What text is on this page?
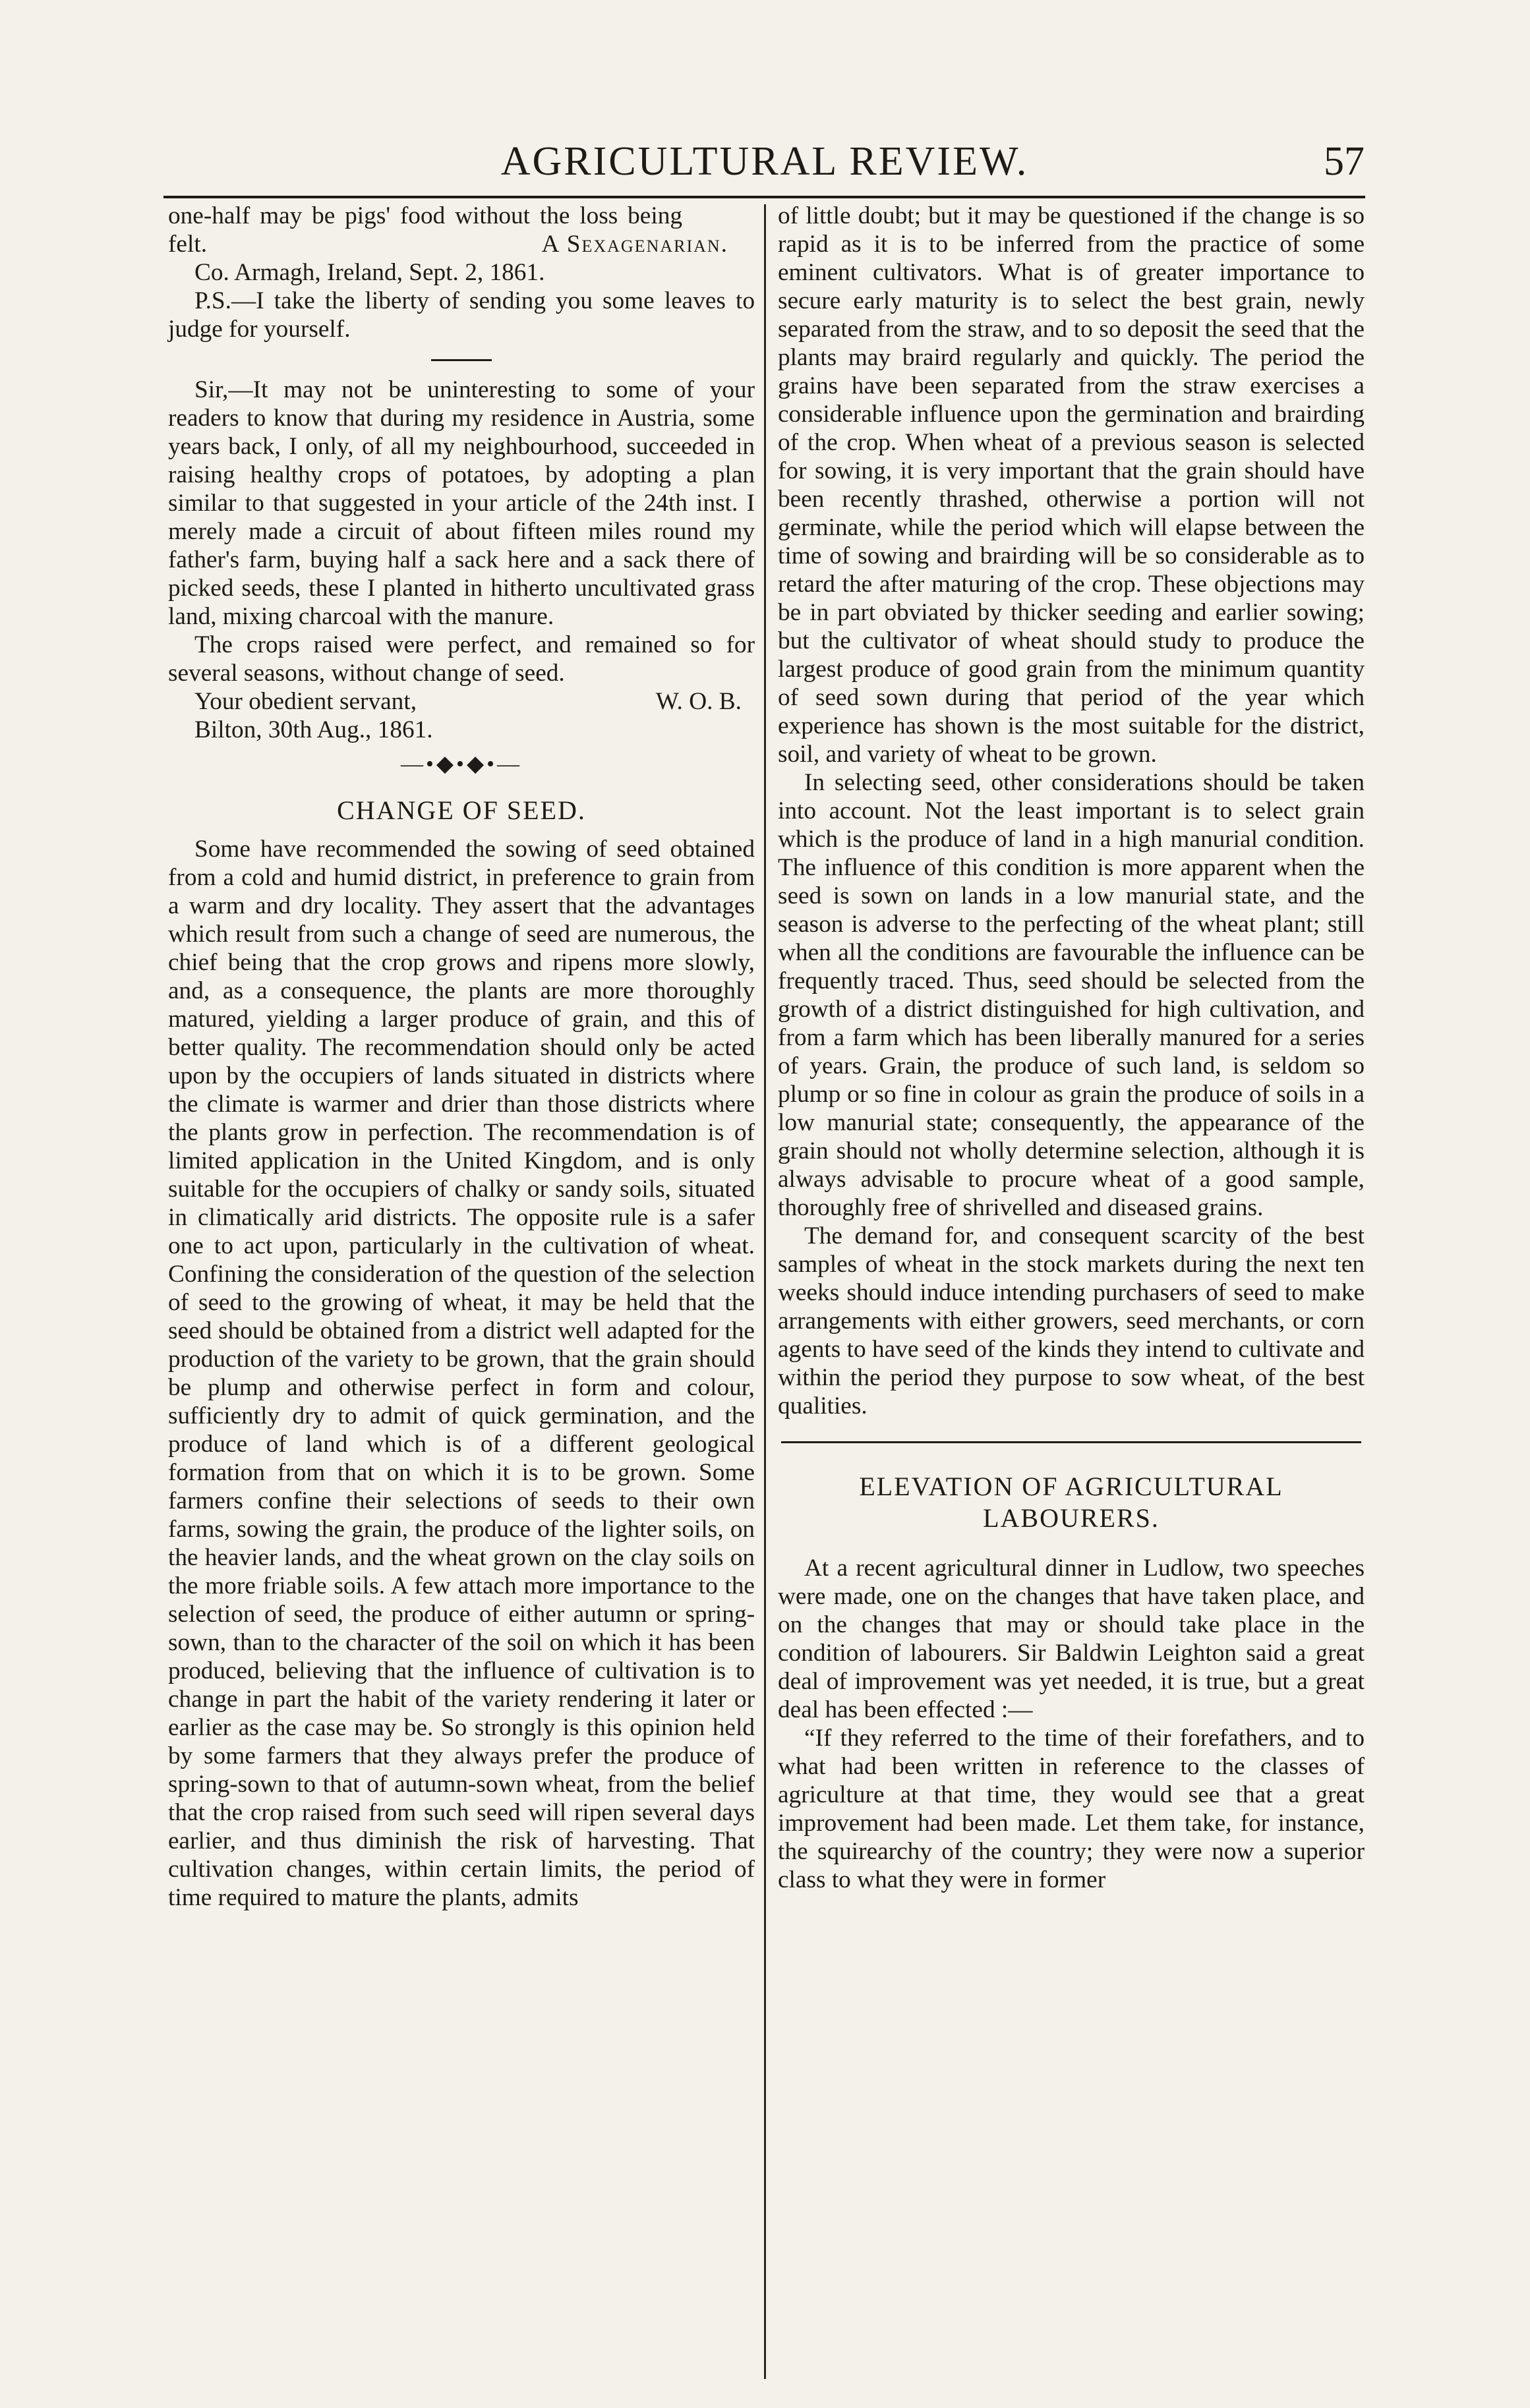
AGRICULTURAL REVIEW.	57

one-half may be pigs' food without the loss being felt.	A Sexagenarian.

Co. Armagh, Ireland, Sept. 2, 1861.

P.S.—I take the liberty of sending you some leaves to judge for yourself.

Sir,—It may not be uninteresting to some of your readers to know that during my residence in Austria, some years back, I only, of all my neighbourhood, succeeded in raising healthy crops of potatoes, by adopting a plan similar to that suggested in your article of the 24th inst. I merely made a circuit of about fifteen miles round my father's farm, buying half a sack here and a sack there of picked seeds, these I planted in hitherto uncultivated grass land, mixing charcoal with the manure.

The crops raised were perfect, and remained so for several seasons, without change of seed.

Your obedient servant,	W. O. B.

Bilton, 30th Aug., 1861.

—•◆•◆•—
CHANGE OF SEED.

Some have recommended the sowing of seed obtained from a cold and humid district, in preference to grain from a warm and dry locality. They assert that the advantages which result from such a change of seed are numerous, the chief being that the crop grows and ripens more slowly, and, as a consequence, the plants are more thoroughly matured, yielding a larger produce of grain, and this of better quality. The recommendation should only be acted upon by the occupiers of lands situated in districts where the climate is warmer and drier than those districts where the plants grow in perfection. The recommendation is of limited application in the United Kingdom, and is only suitable for the occupiers of chalky or sandy soils, situated in climatically arid districts. The opposite rule is a safer one to act upon, particularly in the cultivation of wheat. Confining the consideration of the question of the selection of seed to the growing of wheat, it may be held that the seed should be obtained from a district well adapted for the production of the variety to be grown, that the grain should be plump and otherwise perfect in form and colour, sufficiently dry to admit of quick germination, and the produce of land which is of a different geological formation from that on which it is to be grown. Some farmers confine their selections of seeds to their own farms, sowing the grain, the produce of the lighter soils, on the heavier lands, and the wheat grown on the clay soils on the more friable soils. A few attach more importance to the selection of seed, the produce of either autumn or spring-sown, than to the character of the soil on which it has been produced, believing that the influence of cultivation is to change in part the habit of the variety rendering it later or earlier as the case may be. So strongly is this opinion held by some farmers that they always prefer the produce of spring-sown to that of autumn-sown wheat, from the belief that the crop raised from such seed will ripen several days earlier, and thus diminish the risk of harvesting. That cultivation changes, within certain limits, the period of time required to mature the plants, admits

of little doubt; but it may be questioned if the change is so rapid as it is to be inferred from the practice of some eminent cultivators. What is of greater importance to secure early maturity is to select the best grain, newly separated from the straw, and to so deposit the seed that the plants may braird regularly and quickly. The period the grains have been separated from the straw exercises a considerable influence upon the germination and brairding of the crop. When wheat of a previous season is selected for sowing, it is very important that the grain should have been recently thrashed, otherwise a portion will not germinate, while the period which will elapse between the time of sowing and brairding will be so considerable as to retard the after maturing of the crop. These objections may be in part obviated by thicker seeding and earlier sowing; but the cultivator of wheat should study to produce the largest produce of good grain from the minimum quantity of seed sown during that period of the year which experience has shown is the most suitable for the district, soil, and variety of wheat to be grown.

In selecting seed, other considerations should be taken into account. Not the least important is to select grain which is the produce of land in a high manurial condition. The influence of this condition is more apparent when the seed is sown on lands in a low manurial state, and the season is adverse to the perfecting of the wheat plant; still when all the conditions are favourable the influence can be frequently traced. Thus, seed should be selected from the growth of a district distinguished for high cultivation, and from a farm which has been liberally manured for a series of years. Grain, the produce of such land, is seldom so plump or so fine in colour as grain the produce of soils in a low manurial state; consequently, the appearance of the grain should not wholly determine selection, although it is always advisable to procure wheat of a good sample, thoroughly free of shrivelled and diseased grains.

The demand for, and consequent scarcity of the best samples of wheat in the stock markets during the next ten weeks should induce intending purchasers of seed to make arrangements with either growers, seed merchants, or corn agents to have seed of the kinds they intend to cultivate and within the period they purpose to sow wheat, of the best qualities.

ELEVATION OF AGRICULTURAL LABOURERS.

At a recent agricultural dinner in Ludlow, two speeches were made, one on the changes that have taken place, and on the changes that may or should take place in the condition of labourers. Sir Baldwin Leighton said a great deal of improvement was yet needed, it is true, but a great deal has been effected :—

“If they referred to the time of their forefathers, and to what had been written in reference to the classes of agriculture at that time, they would see that a great improvement had been made. Let them take, for instance, the squirearchy of the country; they were now a superior class to what they were in former
